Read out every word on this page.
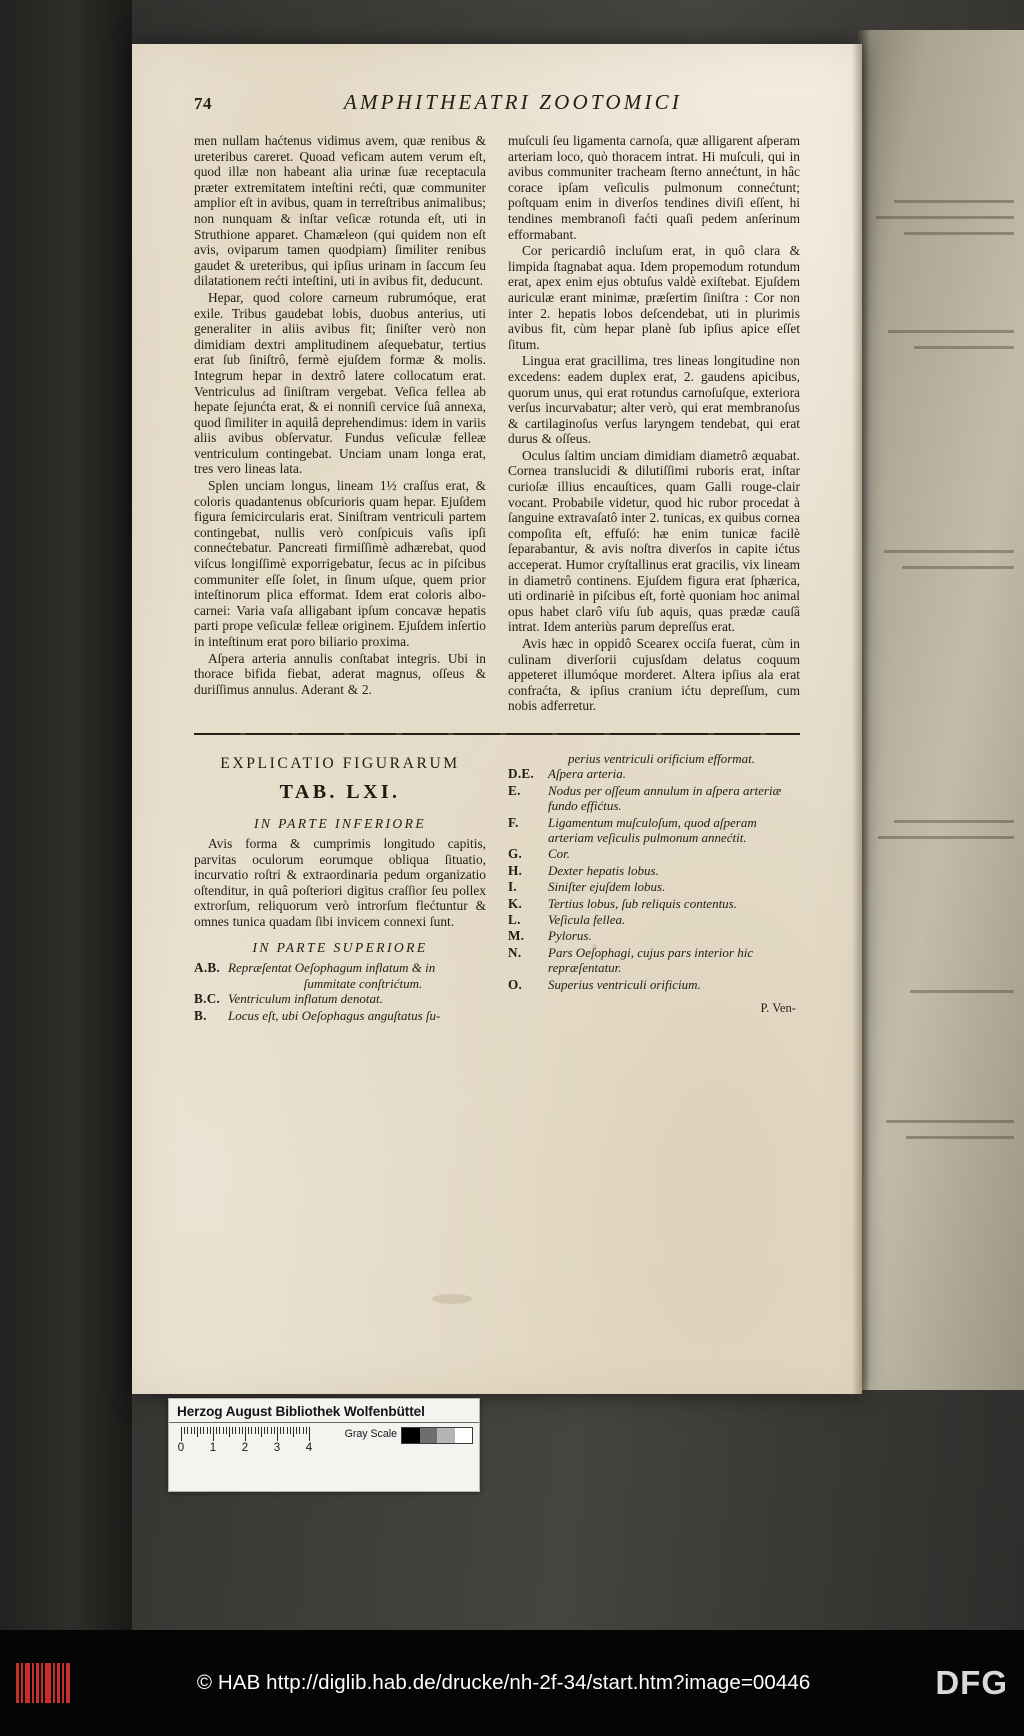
74	AMPHITHEATRI ZOOTOMICI

men nullam haćtenus vidimus avem, quæ renibus & ureteribus careret. Quoad veficam autem verum eſt, quod illæ non habeant alia urinæ ſuæ receptacula præter extremitatem inteſtini rećti, quæ communiter amplior eſt in avibus, quam in terreſtribus animalibus; non nunquam & inſtar veſicæ rotunda eſt, uti in Struthione apparet. Chamæleon (qui quidem non eſt avis, oviparum tamen quodpiam) ſimiliter renibus gaudet & ureteribus, qui ipſius urinam in ſaccum ſeu dilatationem rećti inteſtini, uti in avibus fit, deducunt.

Hepar, quod colore carneum rubrumóque, erat exile. Tribus gaudebat lobis, duobus anterius, uti generaliter in aliis avibus fit; ſiniſter verò non dimidiam dextri amplitudinem aſequebatur, tertius erat ſub ſiniſtrô, fermè ejuſdem formæ & molis. Integrum hepar in dextrô latere collocatum erat. Ventriculus ad ſiniſtram vergebat. Veſica fellea ab hepate ſejunćta erat, & ei nonniſi cervice ſuâ annexa, quod ſimiliter in aquilâ deprehendimus: idem in variis aliis avibus obſervatur. Fundus veſiculæ felleæ ventriculum contingebat. Unciam unam longa erat, tres vero lineas lata.

Splen unciam longus, lineam 1½ craſſus erat, & coloris quadantenus obſcurioris quam hepar. Ejuſdem figura ſemicircularis erat. Siniſtram ventriculi partem contingebat, nullis verò conſpicuis vaſis ipſi connećtebatur. Pancreati firmiſſimè adhærebat, quod viſcus longiſſimè exporrigebatur, ſecus ac in piſcibus communiter eſſe ſolet, in ſinum uſque, quem prior inteſtinorum plica efformat. Idem erat coloris albo-carnei: Varia vaſa alligabant ipſum concavæ hepatis parti prope veſiculæ felleæ originem. Ejuſdem inſertio in inteſtinum erat poro biliario proxima.

Aſpera arteria annulis conſtabat integris. Ubi in thorace bifida fiebat, aderat magnus, oſſeus & duriſſimus annulus. Aderant & 2.

muſculi ſeu ligamenta carnoſa, quæ alligarent aſperam arteriam loco, quò thoracem intrat. Hi muſculi, qui in avibus communiter tracheam ſterno annećtunt, in hâc corace ipſam veſiculis pulmonum connećtunt; poſtquam enim in diverſos tendines diviſi eſſent, hi tendines membranoſi faćti quaſi pedem anſerinum efformabant.

Cor pericardiô incluſum erat, in quô clara & limpida ſtagnabat aqua. Idem propemodum rotundum erat, apex enim ejus obtuſus valdè exiſtebat. Ejuſdem auriculæ erant minimæ, præſertim ſiniſtra : Cor non inter 2. hepatis lobos deſcendebat, uti in plurimis avibus fit, cùm hepar planè ſub ipſius apice eſſet ſitum.

Lingua erat gracillima, tres lineas longitudine non excedens: eadem duplex erat, 2. gaudens apicibus, quorum unus, qui erat rotundus carnoſuſque, exteriora verſus incurvabatur; alter verò, qui erat membranoſus & cartilaginoſus verſus laryngem tendebat, qui erat durus & oſſeus.

Oculus ſaltim unciam dimidiam diametrô æquabat. Cornea translucidi & dilutiſſimi ruboris erat, inſtar curioſæ illius encauſtices, quam Galli rouge-clair vocant. Probabile videtur, quod hic rubor procedat à ſanguine extravaſatô inter 2. tunicas, ex quibus cornea compoſita eſt, effuſó: hæ enim tunicæ facilè ſeparabantur, & avis noſtra diverſos in capite ićtus acceperat. Humor cryſtallinus erat gracilis, vix lineam in diametrô continens. Ejuſdem figura erat ſphærica, uti ordinariè in piſcibus eſt, fortè quoniam hoc animal opus habet clarô viſu ſub aquis, quas prædæ cauſâ intrat. Idem anteriùs parum depreſſus erat.

Avis hæc in oppidô Scearex occiſa fuerat, cùm in culinam diverſorii cujusſdam delatus coquum appeteret illumóque morderet. Altera ipſius ala erat confraćta, & ipſius cranium ićtu depreſſum, cum nobis adferretur.

EXPLICATIO FIGURARUM
TAB. LXI.
IN PARTE INFERIORE

Avis forma & cumprimis longitudo capitis, parvitas oculorum eorumque obliqua ſituatio, incurvatio roſtri & extraordinaria pedum organizatio oſtenditur, in quâ poſteriori digitus craſſior ſeu pollex extrorſum, reliquorum verò introrſum flećtuntur & omnes tunica quadam ſibi invicem connexi ſunt.

IN PARTE SUPERIORE
A.B. Repræſentat Oeſophagum inflatum & in
ſummitate conſtrićtum.
B.C. Ventriculum inflatum denotat.
B.	Locus eſt, ubi Oeſophagus anguſtatus ſu-
perius ventriculi orificium efformat.
D.E.	Aſpera arteria.
E.	Nodus per oſſeum annulum in aſpera arteriæ fundo effićtus.
F.	Ligamentum muſculoſum, quod aſperam arteriam veſiculis pulmonum annećtit.
G.	Cor.
H.	Dexter hepatis lobus.
I.	Siniſter ejuſdem lobus.
K.	Tertius lobus, ſub reliquis contentus.
L.	Veſicula fellea.
M.	Pylorus.
N.	Pars Oeſophagi, cujus pars interior hic repræſentatur.
O.	Superius ventriculi orificium.
P. Ven-
Herzog August Bibliothek Wolfenbüttel
0 1 2 3 4
Gray Scale
© HAB http://diglib.hab.de/drucke/nh-2f-34/start.htm?image=00446	DFG
